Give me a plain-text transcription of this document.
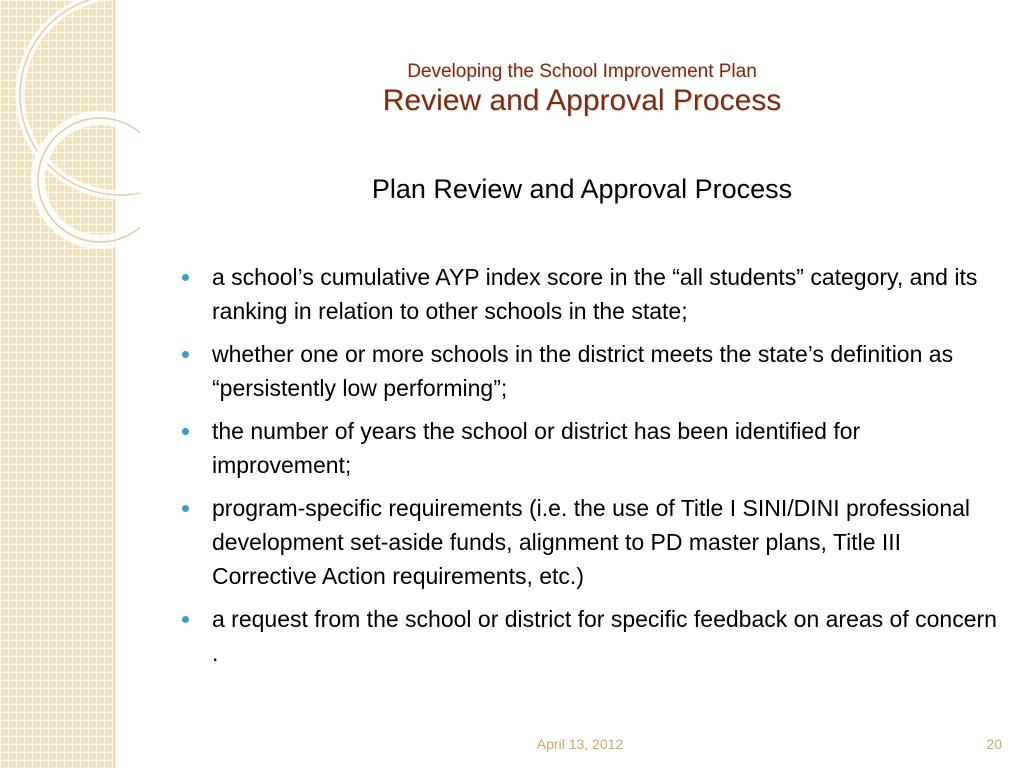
Developing the School Improvement Plan
Review and Approval Process
Plan Review and Approval Process
a school’s cumulative AYP index score in the “all students” category, and its ranking in relation to other schools in the state;
whether one or more schools in the district meets the state’s definition as “persistently low performing”;
the number of years the school or district has been identified for improvement;
program-specific requirements (i.e. the use of Title I SINI/DINI professional development set-aside funds, alignment to PD master plans, Title III Corrective Action requirements, etc.)
a request from the school or district for specific feedback on areas of concern .
April 13, 2012	20
